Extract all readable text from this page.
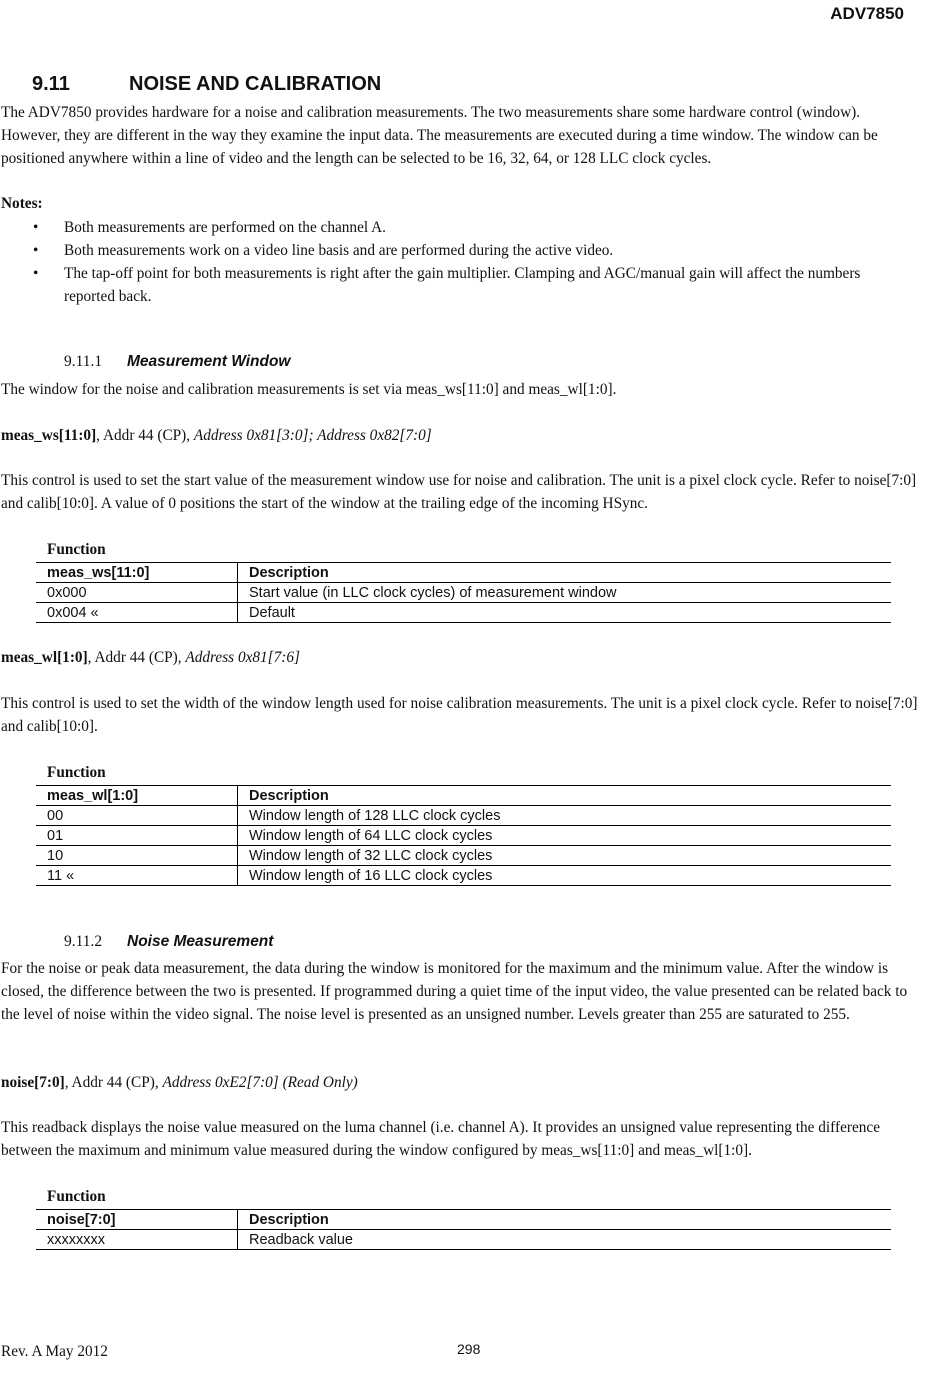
ADV7850
9.11	NOISE AND CALIBRATION

The ADV7850 provides hardware for a noise and calibration measurements. The two measurements share some hardware control (window). However, they are different in the way they examine the input data. The measurements are executed during a time window. The window can be positioned anywhere within a line of video and the length can be selected to be 16, 32, 64, or 128 LLC clock cycles.

Notes:
• Both measurements are performed on the channel A.
• Both measurements work on a video line basis and are performed during the active video.
• The tap-off point for both measurements is right after the gain multiplier. Clamping and AGC/manual gain will affect the numbers reported back.
9.11.1 Measurement Window

The window for the noise and calibration measurements is set via meas_ws[11:0] and meas_wl[1:0].

meas_ws[11:0], Addr 44 (CP), Address 0x81[3:0]; Address 0x82[7:0]

This control is used to set the start value of the measurement window use for noise and calibration. The unit is a pixel clock cycle. Refer to noise[7:0] and calib[10:0]. A value of 0 positions the start of the window at the trailing edge of the incoming HSync.

Function
meas_ws[11:0]	Description
0x000	Start value (in LLC clock cycles) of measurement window
0x004 «	Default

meas_wl[1:0], Addr 44 (CP), Address 0x81[7:6]

This control is used to set the width of the window length used for noise calibration measurements. The unit is a pixel clock cycle. Refer to noise[7:0] and calib[10:0].

Function
meas_wl[1:0]	Description
00	Window length of 128 LLC clock cycles
01	Window length of 64 LLC clock cycles
10	Window length of 32 LLC clock cycles
11 «	Window length of 16 LLC clock cycles
9.11.2 Noise Measurement

For the noise or peak data measurement, the data during the window is monitored for the maximum and the minimum value. After the window is closed, the difference between the two is presented. If programmed during a quiet time of the input video, the value presented can be related back to the level of noise within the video signal. The noise level is presented as an unsigned number. Levels greater than 255 are saturated to 255.

noise[7:0], Addr 44 (CP), Address 0xE2[7:0] (Read Only)

This readback displays the noise value measured on the luma channel (i.e. channel A). It provides an unsigned value representing the difference between the maximum and minimum value measured during the window configured by meas_ws[11:0] and meas_wl[1:0].

Function
noise[7:0]	Description
xxxxxxxx	Readback value
Rev. A May 2012	298
